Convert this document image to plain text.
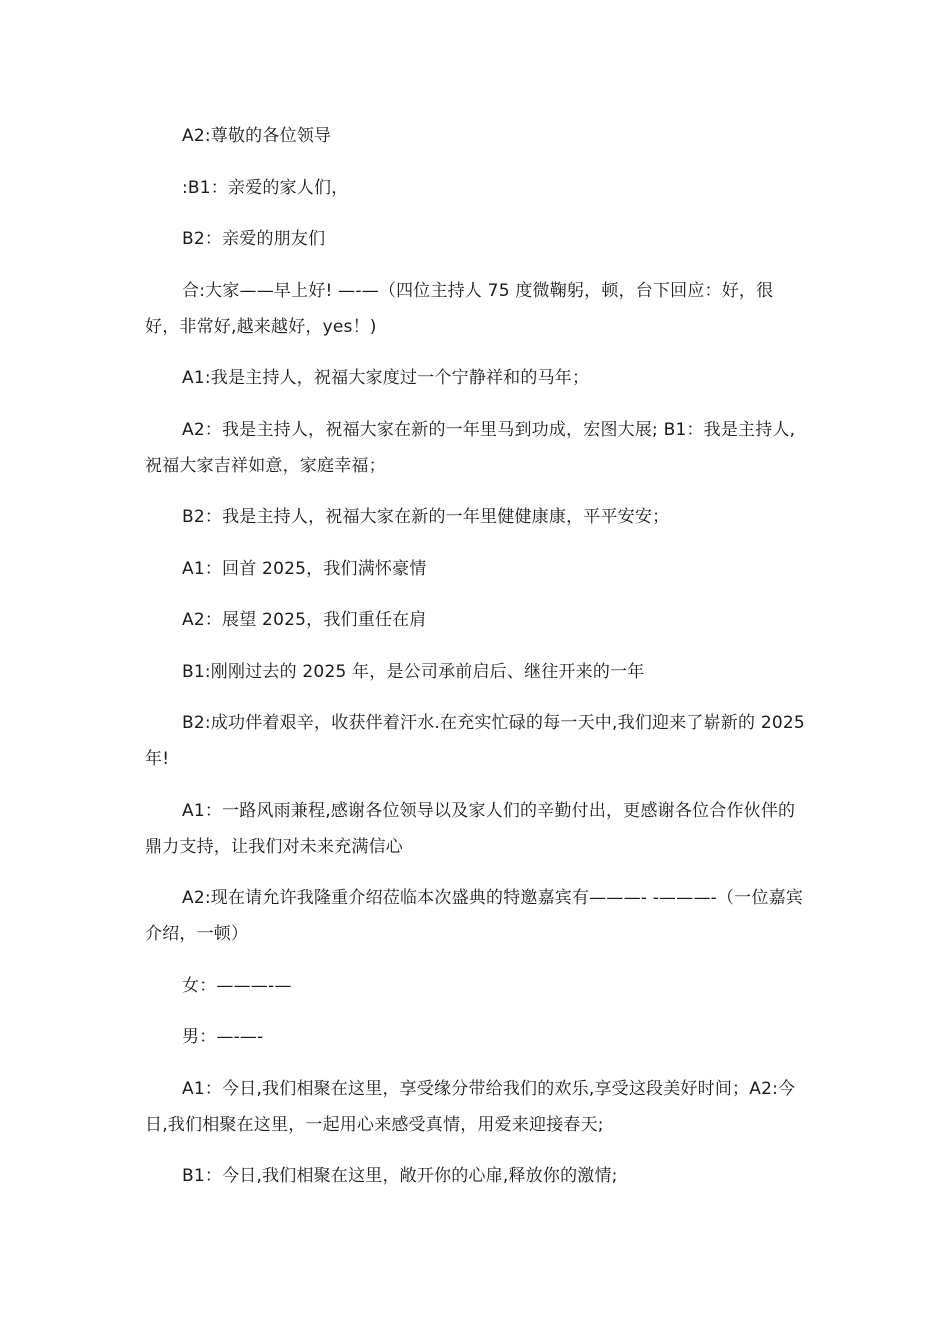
A2:尊敬的各位领导

:B1：亲爱的家人们，

B2：亲爱的朋友们

合:大家——早上好! —-—（四位主持人 75 度微鞠躬，顿，台下回应：好，很好，非常好,越来越好，yes！)

A1:我是主持人，祝福大家度过一个宁静祥和的马年；

A2：我是主持人，祝福大家在新的一年里马到功成，宏图大展; B1：我是主持人,祝福大家吉祥如意，家庭幸福；

B2：我是主持人，祝福大家在新的一年里健健康康，平平安安；

A1：回首 2025，我们满怀豪情

A2：展望 2025，我们重任在肩

B1:刚刚过去的 2025 年，是公司承前启后、继往开来的一年

B2:成功伴着艰辛，收获伴着汗水.在充实忙碌的每一天中,我们迎来了崭新的 2025 年!

A1：一路风雨兼程,感谢各位领导以及家人们的辛勤付出，更感谢各位合作伙伴的鼎力支持，让我们对未来充满信心

A2:现在请允许我隆重介绍莅临本次盛典的特邀嘉宾有———- -———-（一位嘉宾介绍，一顿）

女：———-—

男：—-—-

A1：今日,我们相聚在这里，享受缘分带给我们的欢乐,享受这段美好时间；A2:今日,我们相聚在这里，一起用心来感受真情，用爱来迎接春天;

B1：今日,我们相聚在这里，敞开你的心扉,释放你的激情;
